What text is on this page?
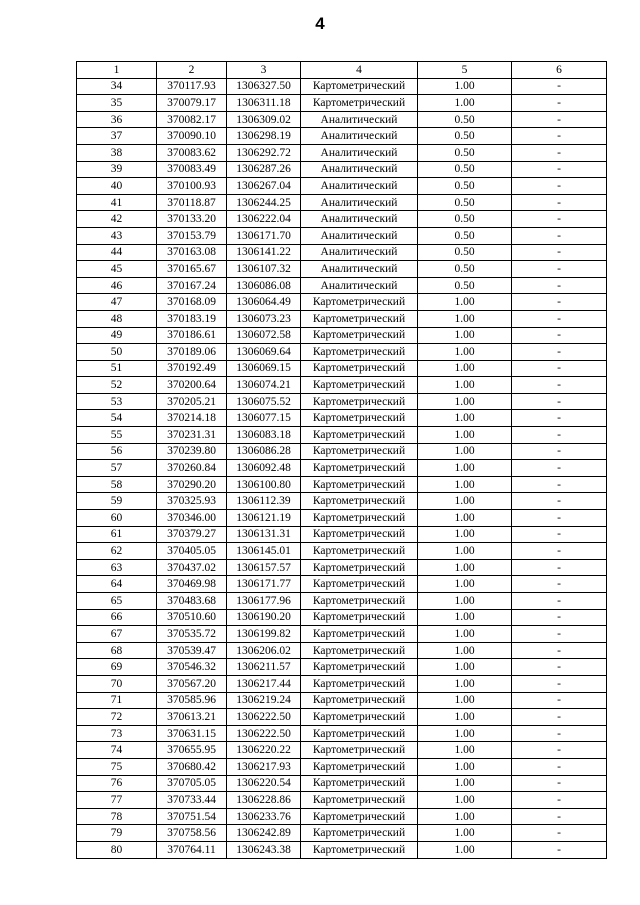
4
1	2	3	4	5	6
34	370117.93	1306327.50	Картометрический	1.00	-
35	370079.17	1306311.18	Картометрический	1.00	-
36	370082.17	1306309.02	Аналитический	0.50	-
37	370090.10	1306298.19	Аналитический	0.50	-
38	370083.62	1306292.72	Аналитический	0.50	-
39	370083.49	1306287.26	Аналитический	0.50	-
40	370100.93	1306267.04	Аналитический	0.50	-
41	370118.87	1306244.25	Аналитический	0.50	-
42	370133.20	1306222.04	Аналитический	0.50	-
43	370153.79	1306171.70	Аналитический	0.50	-
44	370163.08	1306141.22	Аналитический	0.50	-
45	370165.67	1306107.32	Аналитический	0.50	-
46	370167.24	1306086.08	Аналитический	0.50	-
47	370168.09	1306064.49	Картометрический	1.00	-
48	370183.19	1306073.23	Картометрический	1.00	-
49	370186.61	1306072.58	Картометрический	1.00	-
50	370189.06	1306069.64	Картометрический	1.00	-
51	370192.49	1306069.15	Картометрический	1.00	-
52	370200.64	1306074.21	Картометрический	1.00	-
53	370205.21	1306075.52	Картометрический	1.00	-
54	370214.18	1306077.15	Картометрический	1.00	-
55	370231.31	1306083.18	Картометрический	1.00	-
56	370239.80	1306086.28	Картометрический	1.00	-
57	370260.84	1306092.48	Картометрический	1.00	-
58	370290.20	1306100.80	Картометрический	1.00	-
59	370325.93	1306112.39	Картометрический	1.00	-
60	370346.00	1306121.19	Картометрический	1.00	-
61	370379.27	1306131.31	Картометрический	1.00	-
62	370405.05	1306145.01	Картометрический	1.00	-
63	370437.02	1306157.57	Картометрический	1.00	-
64	370469.98	1306171.77	Картометрический	1.00	-
65	370483.68	1306177.96	Картометрический	1.00	-
66	370510.60	1306190.20	Картометрический	1.00	-
67	370535.72	1306199.82	Картометрический	1.00	-
68	370539.47	1306206.02	Картометрический	1.00	-
69	370546.32	1306211.57	Картометрический	1.00	-
70	370567.20	1306217.44	Картометрический	1.00	-
71	370585.96	1306219.24	Картометрический	1.00	-
72	370613.21	1306222.50	Картометрический	1.00	-
73	370631.15	1306222.50	Картометрический	1.00	-
74	370655.95	1306220.22	Картометрический	1.00	-
75	370680.42	1306217.93	Картометрический	1.00	-
76	370705.05	1306220.54	Картометрический	1.00	-
77	370733.44	1306228.86	Картометрический	1.00	-
78	370751.54	1306233.76	Картометрический	1.00	-
79	370758.56	1306242.89	Картометрический	1.00	-
80	370764.11	1306243.38	Картометрический	1.00	-
